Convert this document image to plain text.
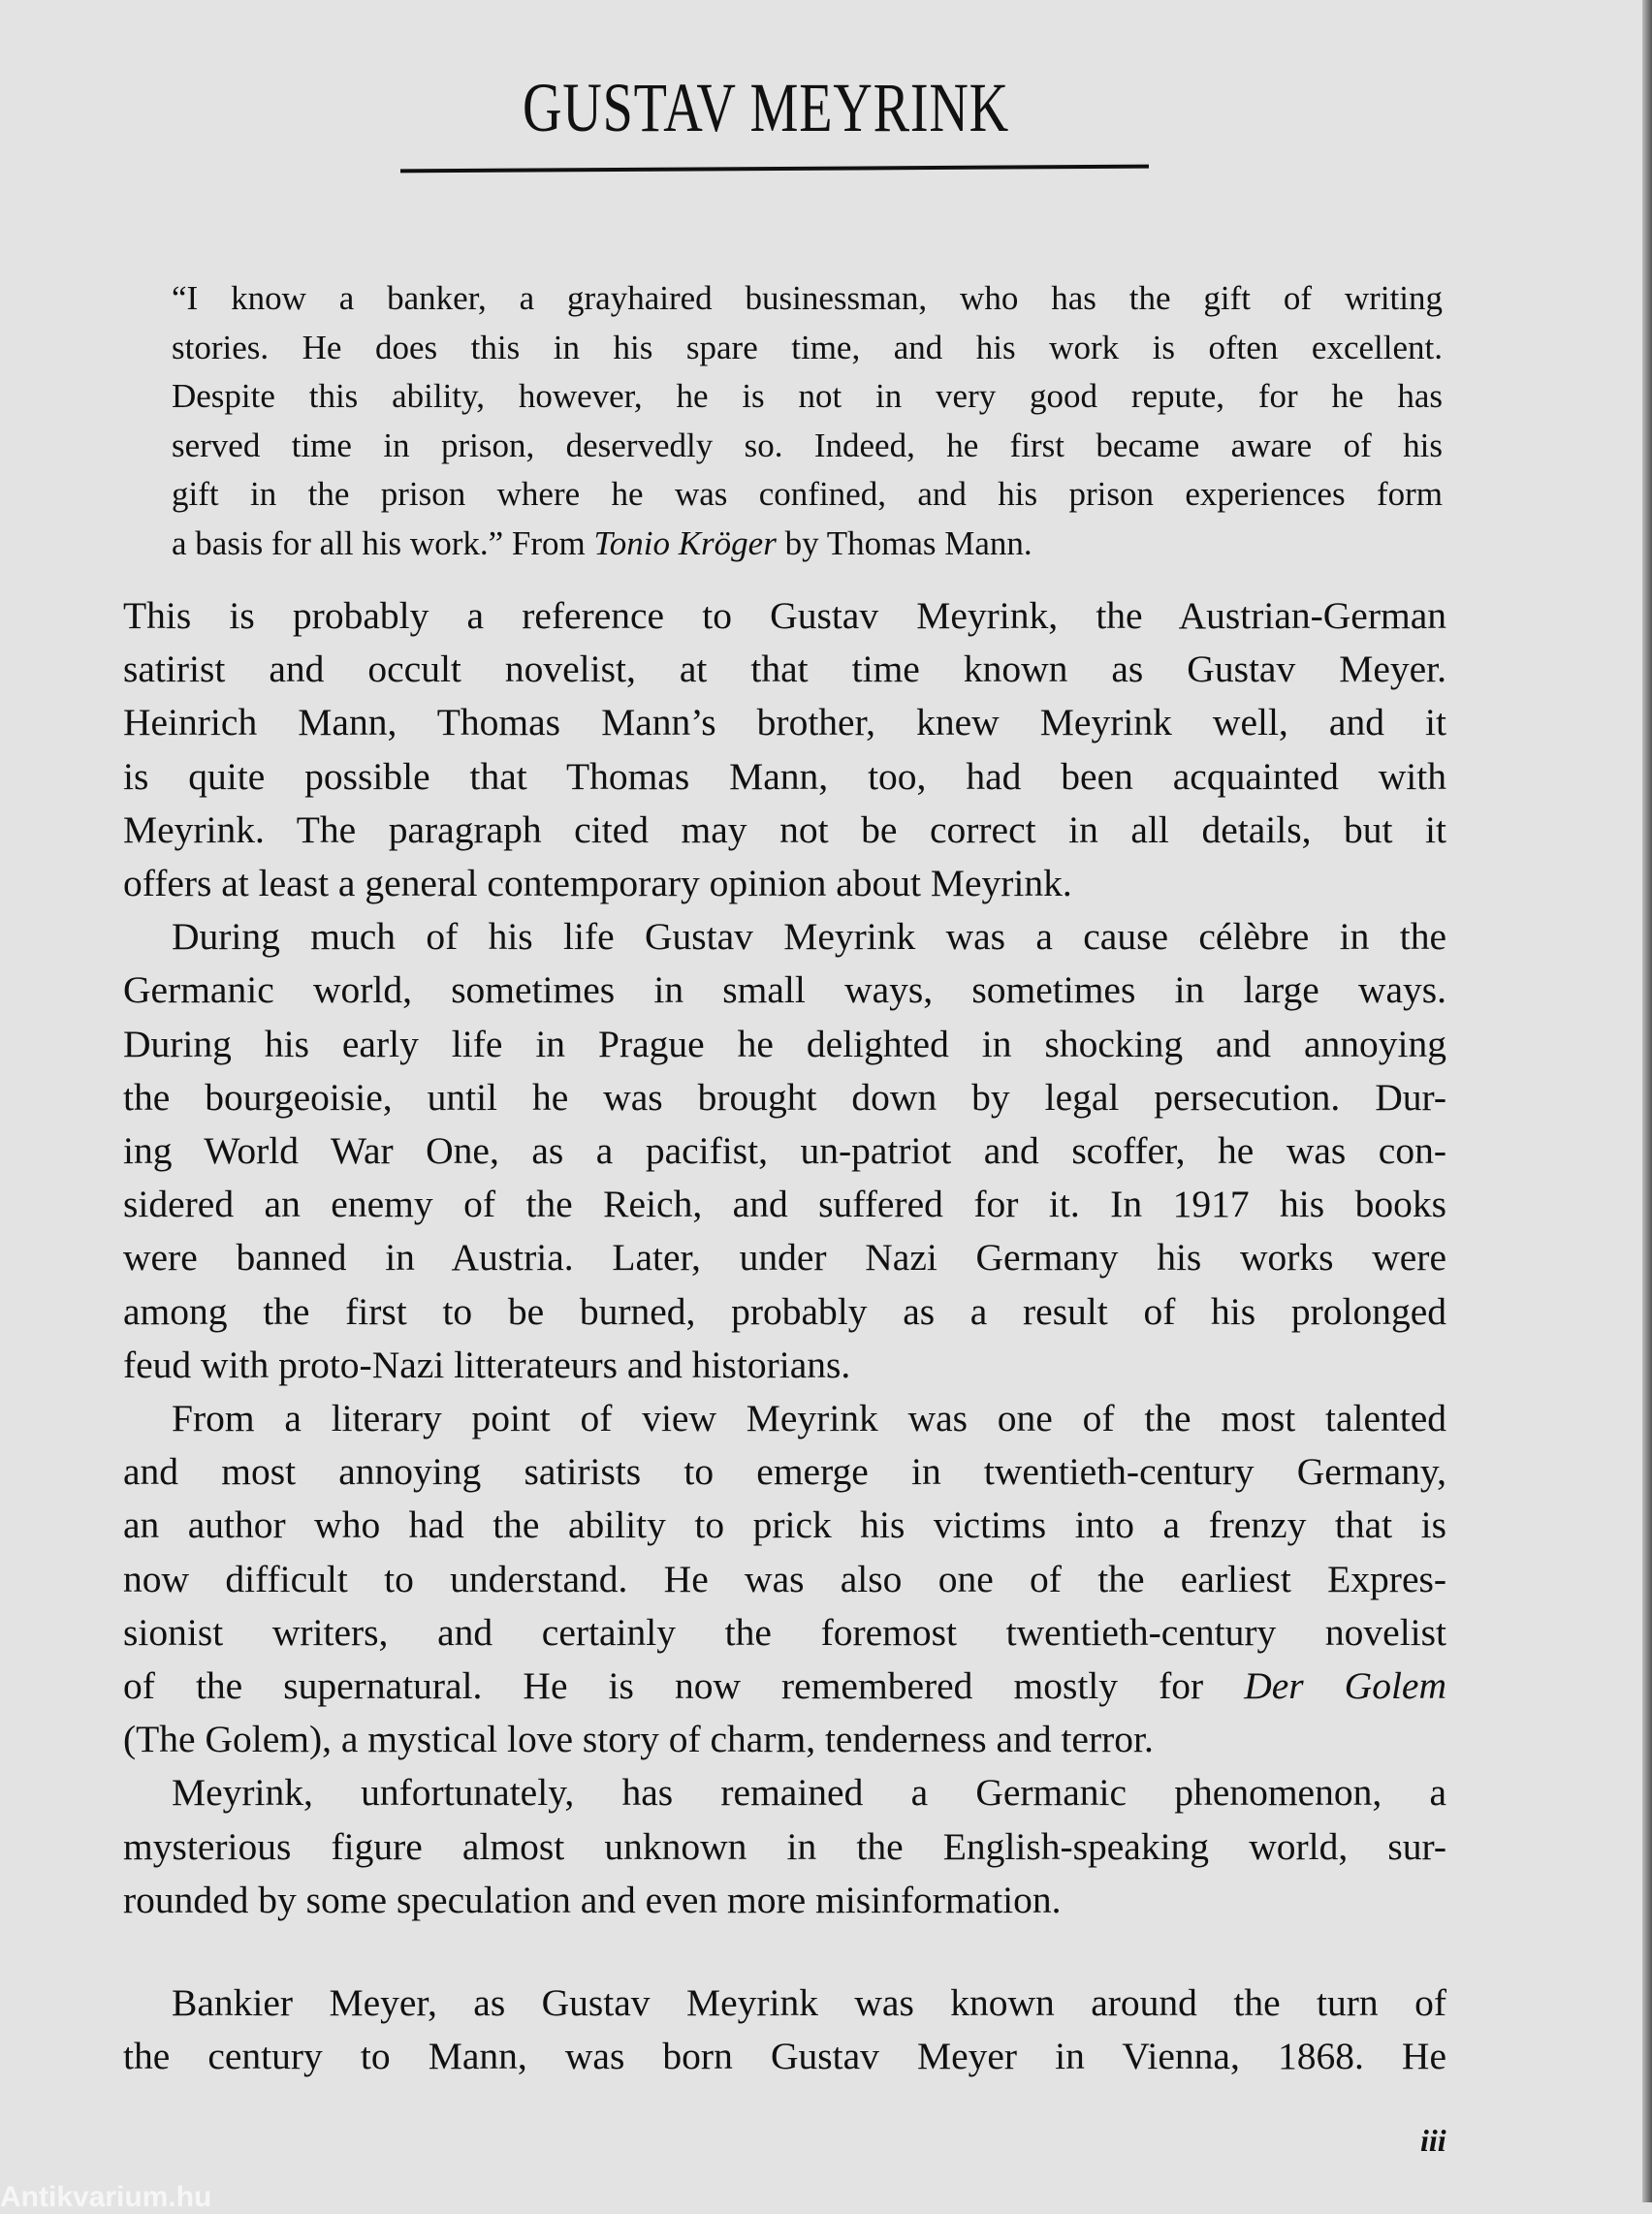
GUSTAV MEYRINK
“I know a banker, a grayhaired businessman, who has the gift of writing
stories. He does this in his spare time, and his work is often excellent.
Despite this ability, however, he is not in very good repute, for he has
served time in prison, deservedly so. Indeed, he first became aware of his
gift in the prison where he was confined, and his prison experiences form
a basis for all his work.” From Tonio Kröger by Thomas Mann.
This is probably a reference to Gustav Meyrink, the Austrian-German
satirist and occult novelist, at that time known as Gustav Meyer.
Heinrich Mann, Thomas Mann’s brother, knew Meyrink well, and it
is quite possible that Thomas Mann, too, had been acquainted with
Meyrink. The paragraph cited may not be correct in all details, but it
offers at least a general contemporary opinion about Meyrink.
During much of his life Gustav Meyrink was a cause célèbre in the
Germanic world, sometimes in small ways, sometimes in large ways.
During his early life in Prague he delighted in shocking and annoying
the bourgeoisie, until he was brought down by legal persecution. Dur-
ing World War One, as a pacifist, un-patriot and scoffer, he was con-
sidered an enemy of the Reich, and suffered for it. In 1917 his books
were banned in Austria. Later, under Nazi Germany his works were
among the first to be burned, probably as a result of his prolonged
feud with proto-Nazi litterateurs and historians.
From a literary point of view Meyrink was one of the most talented
and most annoying satirists to emerge in twentieth-century Germany,
an author who had the ability to prick his victims into a frenzy that is
now difficult to understand. He was also one of the earliest Expres-
sionist writers, and certainly the foremost twentieth-century novelist
of the supernatural. He is now remembered mostly for Der Golem
(The Golem), a mystical love story of charm, tenderness and terror.
Meyrink, unfortunately, has remained a Germanic phenomenon, a
mysterious figure almost unknown in the English-speaking world, sur-
rounded by some speculation and even more misinformation.
Bankier Meyer, as Gustav Meyrink was known around the turn of
the century to Mann, was born Gustav Meyer in Vienna, 1868. He
iii
Antikvarium.hu
